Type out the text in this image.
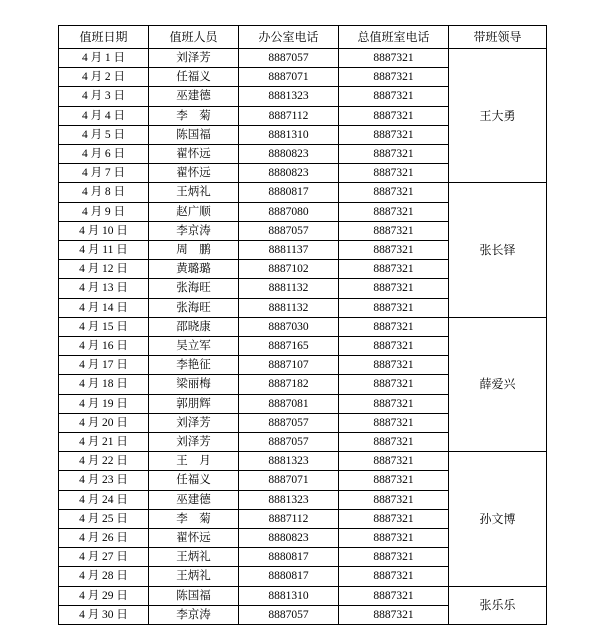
值班日期	值班人员	办公室电话	总值班室电话	带班领导
4 月 1 日	刘泽芳	8887057	8887321	王大勇
4 月 2 日	任福义	8887071	8887321	
4 月 3 日	巫建德	8881323	8887321	
4 月 4 日	李　菊	8887112	8887321	
4 月 5 日	陈国福	8881310	8887321	
4 月 6 日	翟怀远	8880823	8887321	
4 月 7 日	翟怀远	8880823	8887321	
4 月 8 日	王炳礼	8880817	8887321	张长铎
4 月 9 日	赵广顺	8887080	8887321	
4 月 10 日	李京涛	8887057	8887321	
4 月 11 日	周　鹏	8881137	8887321	
4 月 12 日	黄璐璐	8887102	8887321	
4 月 13 日	张海旺	8881132	8887321	
4 月 14 日	张海旺	8881132	8887321	
4 月 15 日	邵晓康	8887030	8887321	薛爱兴
4 月 16 日	吴立军	8887165	8887321	
4 月 17 日	李艳征	8887107	8887321	
4 月 18 日	梁丽梅	8887182	8887321	
4 月 19 日	郭朋辉	8887081	8887321	
4 月 20 日	刘泽芳	8887057	8887321	
4 月 21 日	刘泽芳	8887057	8887321	
4 月 22 日	王　月	8881323	8887321	孙文博
4 月 23 日	任福义	8887071	8887321	
4 月 24 日	巫建德	8881323	8887321	
4 月 25 日	李　菊	8887112	8887321	
4 月 26 日	翟怀远	8880823	8887321	
4 月 27 日	王炳礼	8880817	8887321	
4 月 28 日	王炳礼	8880817	8887321	
4 月 29 日	陈国福	8881310	8887321	张乐乐
4 月 30 日	李京涛	8887057	8887321	
